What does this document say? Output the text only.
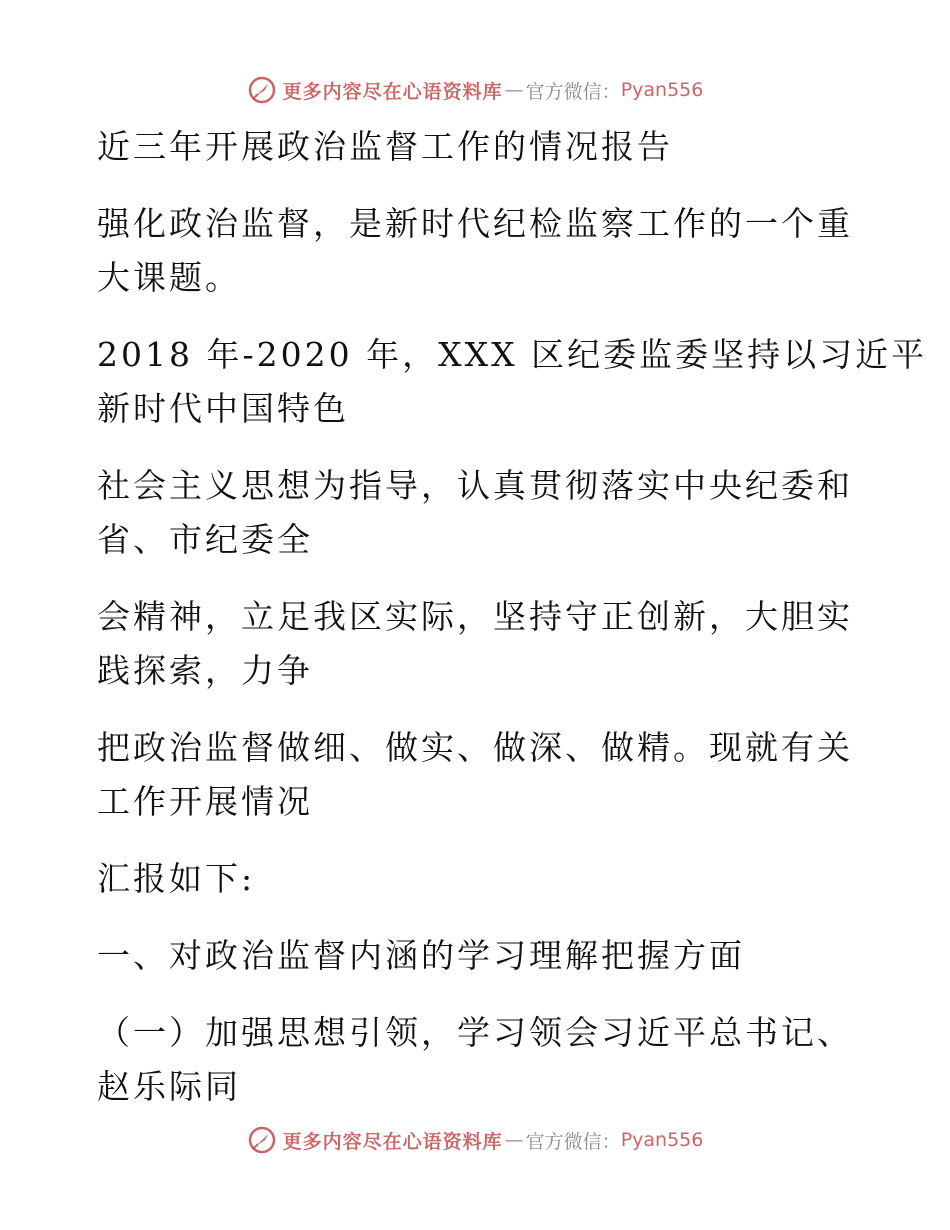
更多内容尽在心语资料库 — 官方微信： Pyan556
近三年开展政治监督工作的情况报告
强化政治监督，是新时代纪检监察工作的一个重
大课题。
2018 年-2020 年，XXX 区纪委监委坚持以习近平
新时代中国特色
社会主义思想为指导，认真贯彻落实中央纪委和
省、市纪委全
会精神，立足我区实际，坚持守正创新，大胆实
践探索，力争
把政治监督做细、做实、做深、做精。现就有关
工作开展情况
汇报如下:
一、对政治监督内涵的学习理解把握方面
（一）加强思想引领，学习领会习近平总书记、
赵乐际同
更多内容尽在心语资料库 — 官方微信： Pyan556
